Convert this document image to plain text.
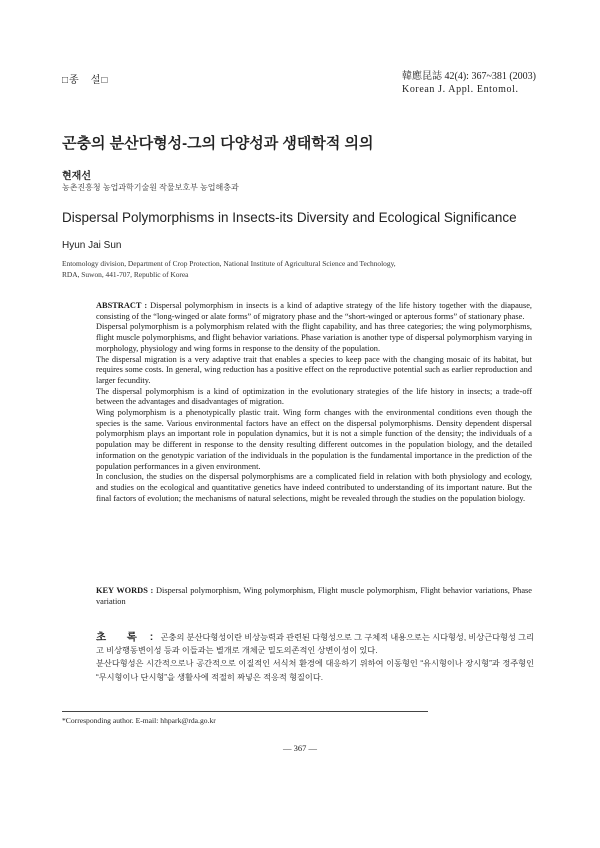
□종　설□	韓應昆誌 42(4): 367~381 (2003)
Korean J. Appl. Entomol.
곤충의 분산다형성-그의 다양성과 생태학적 의의
현재선
농촌진흥청 농업과학기술원 작물보호부 농업해충과
Dispersal Polymorphisms in Insects-its Diversity and Ecological Significance
Hyun Jai Sun
Entomology division, Department of Crop Protection, National Institute of Agricultural Science and Technology,
RDA, Suwon, 441-707, Republic of Korea

ABSTRACT : Dispersal polymorphism in insects is a kind of adaptive strategy of the life history together with the diapause, consisting of the “long-winged or alate forms” of migratory phase and the “short-winged or apterous forms” of stationary phase.

Dispersal polymorphism is a polymorphism related with the flight capability, and has three categories; the wing polymorphisms, flight muscle polymorphisms, and flight behavior variations. Phase variation is another type of dispersal polymorphism varying in morphology, physiology and wing forms in response to the density of the population.

The dispersal migration is a very adaptive trait that enables a species to keep pace with the changing mosaic of its habitat, but requires some costs. In general, wing reduction has a positive effect on the reproductive potential such as earlier reproduction and larger fecundity.

The dispersal polymorphism is a kind of optimization in the evolutionary strategies of the life history in insects; a trade-off between the advantages and disadvantages of migration.

Wing polymorphism is a phenotypically plastic trait. Wing form changes with the environmental conditions even though the species is the same. Various environmental factors have an effect on the dispersal polymorphisms. Density dependent dispersal polymorphism plays an important role in population dynamics, but it is not a simple function of the density; the individuals of a population may be different in response to the density resulting different outcomes in the population biology, and the detailed information on the genotypic variation of the individuals in the population is the fundamental importance in the prediction of the population performances in a given environment.

In conclusion, the studies on the dispersal polymorphisms are a complicated field in relation with both physiology and ecology, and studies on the ecological and quantitative genetics have indeed contributed to understanding of its important nature. But the final factors of evolution; the mechanisms of natural selections, might be revealed through the studies on the population biology.

KEY WORDS : Dispersal polymorphism, Wing polymorphism, Flight muscle polymorphism, Flight behavior variations, Phase variation

초　록 : 곤충의 분산다형성이란 비상능력과 관련된 다형성으로 그 구체적 내용으로는 시다형성, 비상근다형성 그리고 비상행동변이성 등과 이들과는 별개로 개체군 밀도의존적인 상변이성이 있다.

분산다형성은 시간적으로나 공간적으로 이질적인 서식처 환경에 대응하기 위하여 이동형인 “유시형이나 장시형”과 정주형인 “무시형이나 단시형”을 생활사에 적절히 짜넣은 적응적 형질이다.

*Corresponding author. E-mail: hhpark@rda.go.kr
— 367 —
